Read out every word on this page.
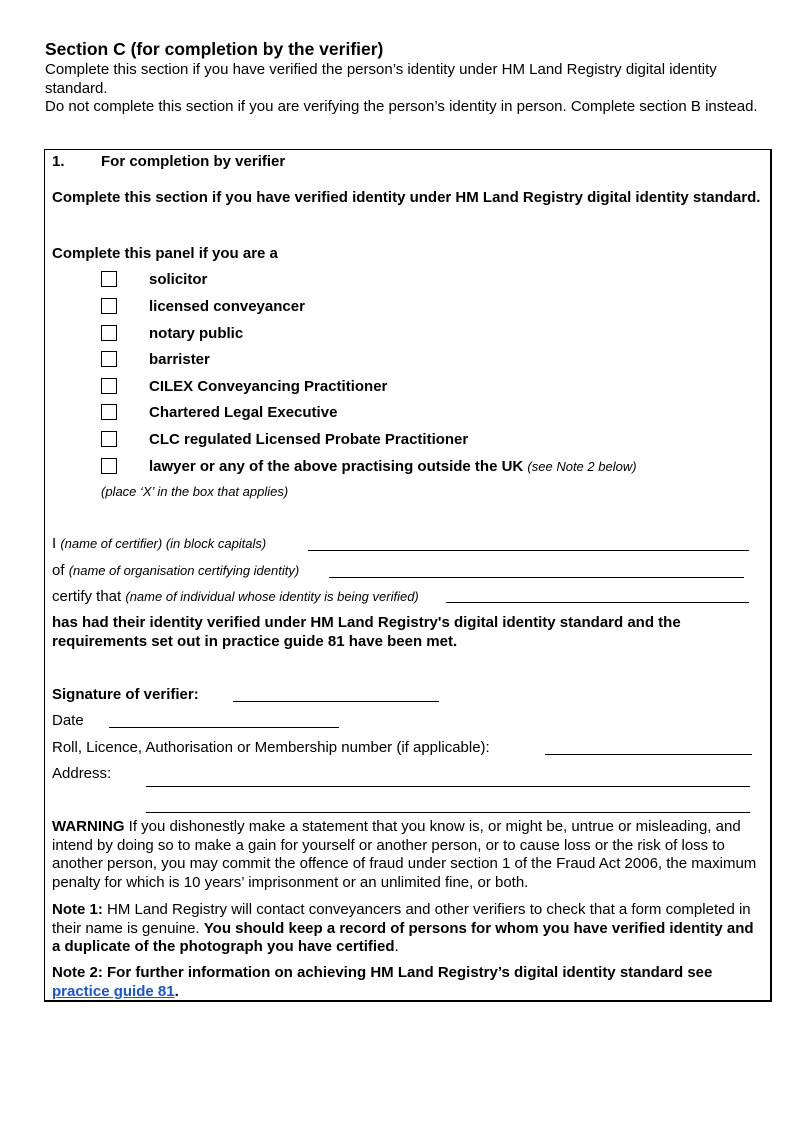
Section C (for completion by the verifier)

Complete this section if you have verified the person’s identity under HM Land Registry digital identity standard.

Do not complete this section if you are verifying the person’s identity in person. Complete section B instead.

1. For completion by verifier
Complete this section if you have verified identity under HM Land Registry digital identity standard.
Complete this panel if you are a
solicitor
licensed conveyancer
notary public
barrister
CILEX Conveyancing Practitioner
Chartered Legal Executive
CLC regulated Licensed Probate Practitioner
lawyer or any of the above practising outside the UK (see Note 2 below)
(place ‘X’ in the box that applies)
I (name of certifier) (in block capitals)
of (name of organisation certifying identity)
certify that (name of individual whose identity is being verified)
has had their identity verified under HM Land Registry's digital identity standard and the requirements set out in practice guide 81 have been met.
Signature of verifier:
Date
Roll, Licence, Authorisation or Membership number (if applicable):
Address:
WARNING If you dishonestly make a statement that you know is, or might be, untrue or misleading, and intend by doing so to make a gain for yourself or another person, or to cause loss or the risk of loss to another person, you may commit the offence of fraud under section 1 of the Fraud Act 2006, the maximum penalty for which is 10 years’ imprisonment or an unlimited fine, or both.
Note 1: HM Land Registry will contact conveyancers and other verifiers to check that a form completed in their name is genuine. You should keep a record of persons for whom you have verified identity and a duplicate of the photograph you have certified.
Note 2: For further information on achieving HM Land Registry’s digital identity standard see practice guide 81.
